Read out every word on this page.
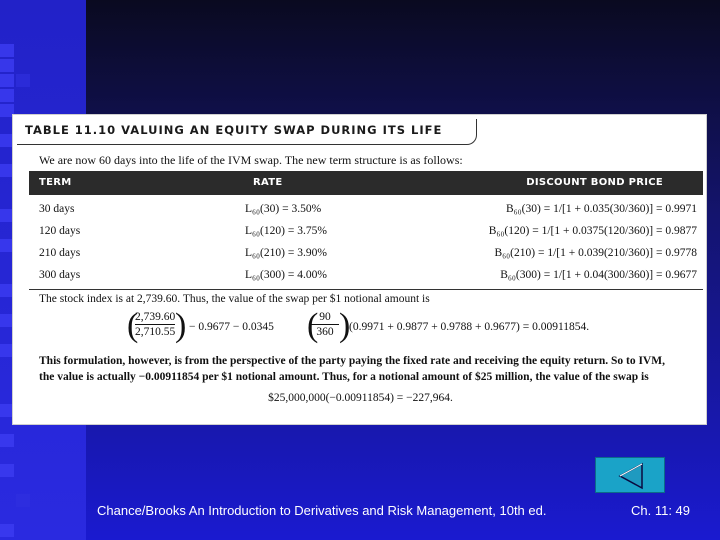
TABLE 11.10 VALUING AN EQUITY SWAP DURING ITS LIFE
We are now 60 days into the life of the IVM swap. The new term structure is as follows:
TERM	RATE	DISCOUNT BOND PRICE
30 days	L₆₀(30) = 3.50%	B₆₀(30) = 1/[1 + 0.035(30/360)] = 0.9971
120 days	L₆₀(120) = 3.75%	B₆₀(120) = 1/[1 + 0.0375(120/360)] = 0.9877
210 days	L₆₀(210) = 3.90%	B₆₀(210) = 1/[1 + 0.039(210/360)] = 0.9778
300 days	L₆₀(300) = 4.00%	B₆₀(300) = 1/[1 + 0.04(300/360)] = 0.9677
The stock index is at 2,739.60. Thus, the value of the swap per $1 notional amount is
(
$\frac{2,739.60}{2,710.55}$ ) − 0.9677 − 0.0345 (
$\frac{90}{360}$ )
(0.9971 + 0.9877 + 0.9788 + 0.9677) = 0.00911854.
This formulation, however, is from the perspective of the party paying the fixed rate and receiving the equity return. So to IVM,
the value is actually −0.00911854 per $1 notional amount. Thus, for a notional amount of $25 million, the value of the swap is
$25,000,000(−0.00911854) = −227,964.
Chance/Brooks An Introduction to Derivatives and Risk Management, 10th ed.	Ch. 11: 49
